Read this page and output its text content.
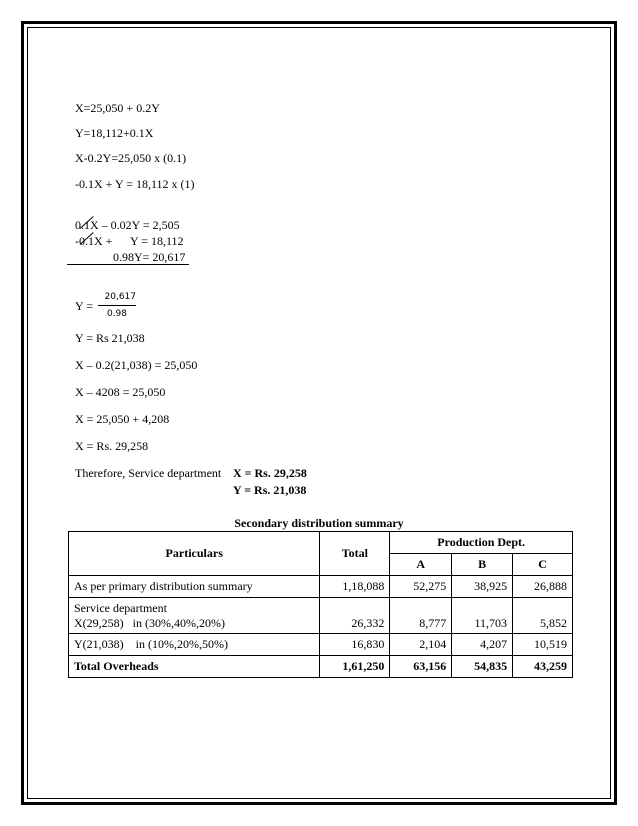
X=25,050 + 0.2Y
Y=18,112+0.1X
X-0.2Y=25,050 x (0.1)
-0.1X + Y = 18,112 x (1)
0.1X – 0.02Y = 2,505
-0.1X +      Y = 18,112
0.98Y= 20,617
$Y = \frac{20,617}{0.98}$
Y = Rs 21,038
X – 0.2(21,038) = 25,050
X – 4208 = 25,050
X = 25,050 + 4,208
X = Rs. 29,258
Therefore, Service department X = Rs. 29,258
Y = Rs. 21,038
Secondary distribution summary
Particulars	Total	Production Dept.		
		A	B	C
As per primary distribution summary	1,18,088	52,275	38,925	26,888

Service department
X(29,258)   in (30%,40%,20%)	26,332	8,777	11,703	5,852
Y(21,038)    in (10%,20%,50%)	16,830	2,104	4,207	10,519
Total Overheads	1,61,250	63,156	54,835	43,259
